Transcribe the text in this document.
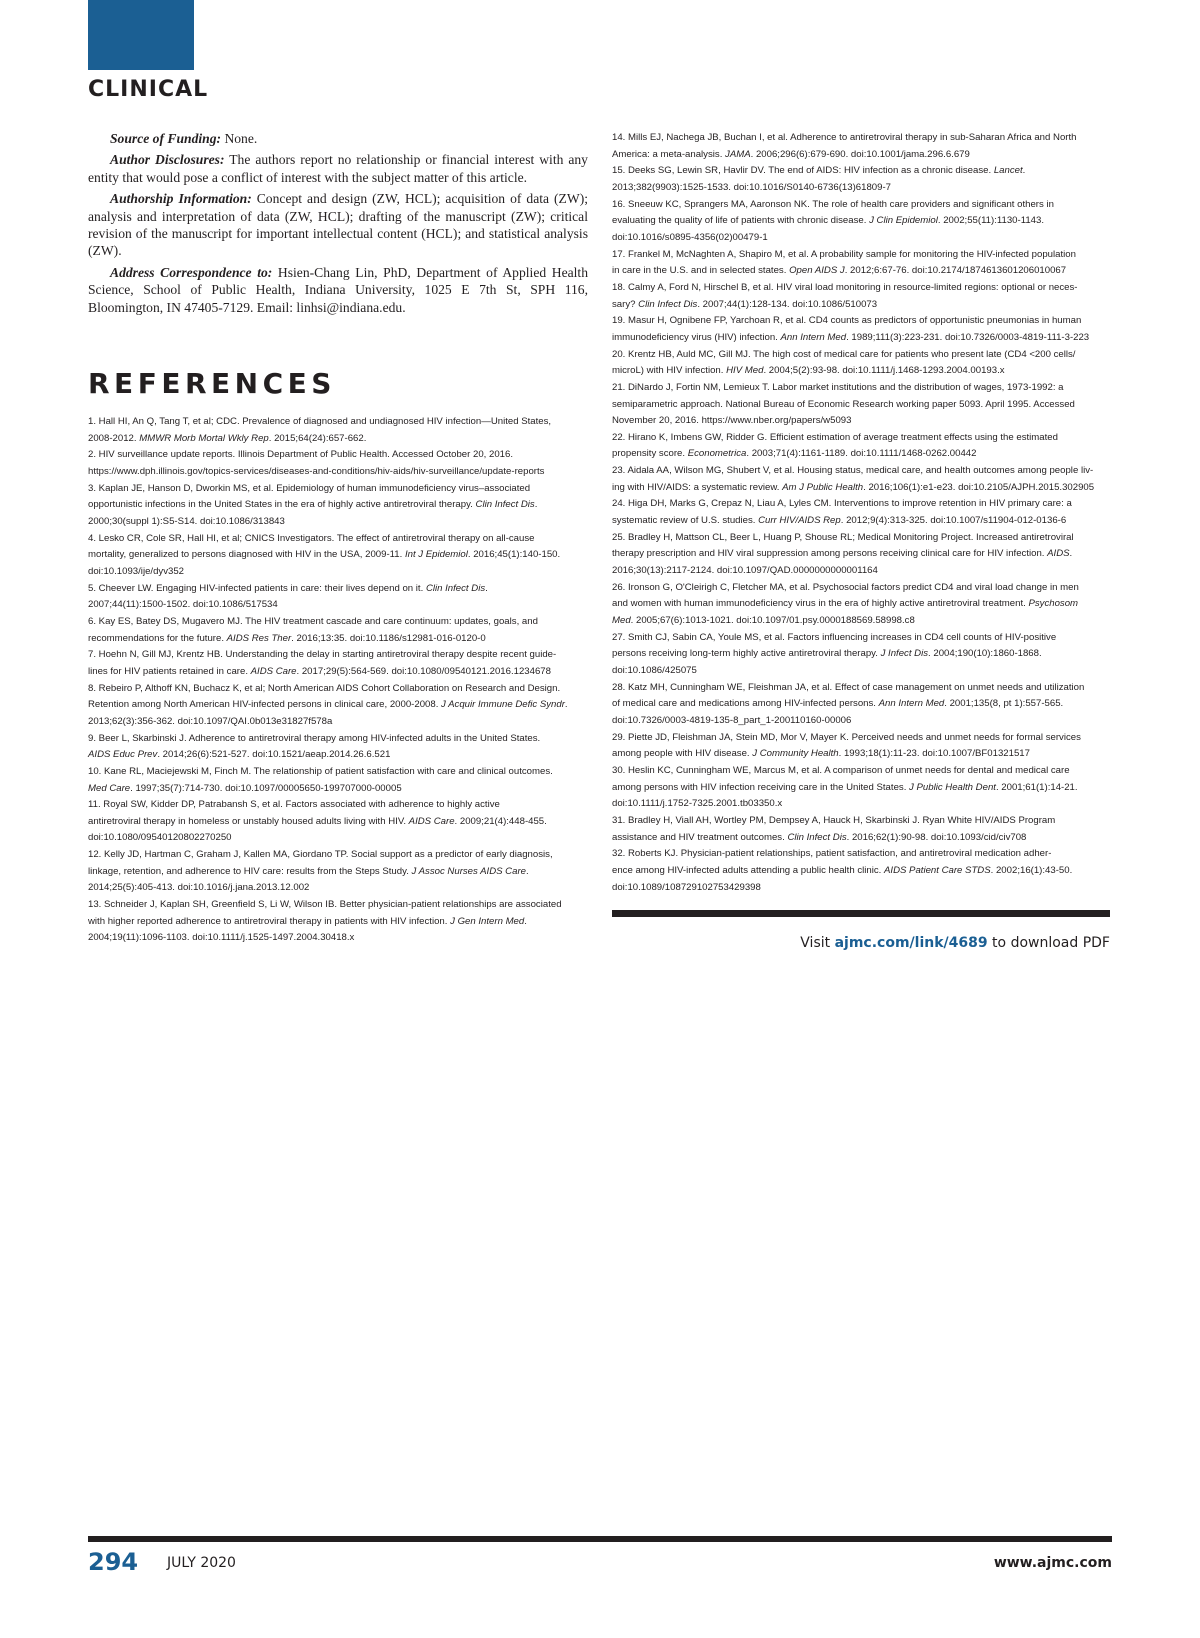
CLINICAL

Source of Funding: None.

Author Disclosures: The authors report no relationship or financial interest with any entity that would pose a conflict of interest with the subject matter of this article.

Authorship Information: Concept and design (ZW, HCL); acquisition of data (ZW); analysis and interpretation of data (ZW, HCL); drafting of the manuscript (ZW); critical revision of the manuscript for important intellectual content (HCL); and statistical analysis (ZW).

Address Correspondence to: Hsien-Chang Lin, PhD, Department of Applied Health Science, School of Public Health, Indiana University, 1025 E 7th St, SPH 116, Bloomington, IN 47405-7129. Email: linhsi@indiana.edu.

REFERENCES
1. Hall HI, An Q, Tang T, et al; CDC. Prevalence of diagnosed and undiagnosed HIV infection—United States,
2008-2012. MMWR Morb Mortal Wkly Rep. 2015;64(24):657-662.
2. HIV surveillance update reports. Illinois Department of Public Health. Accessed October 20, 2016.
https://www.dph.illinois.gov/topics-services/diseases-and-conditions/hiv-aids/hiv-surveillance/update-reports
3. Kaplan JE, Hanson D, Dworkin MS, et al. Epidemiology of human immunodeficiency virus–associated
opportunistic infections in the United States in the era of highly active antiretroviral therapy. Clin Infect Dis.
2000;30(suppl 1):S5-S14. doi:10.1086/313843
4. Lesko CR, Cole SR, Hall HI, et al; CNICS Investigators. The effect of antiretroviral therapy on all-cause
mortality, generalized to persons diagnosed with HIV in the USA, 2009-11. Int J Epidemiol. 2016;45(1):140-150.
doi:10.1093/ije/dyv352
5. Cheever LW. Engaging HIV-infected patients in care: their lives depend on it. Clin Infect Dis.
2007;44(11):1500-1502. doi:10.1086/517534
6. Kay ES, Batey DS, Mugavero MJ. The HIV treatment cascade and care continuum: updates, goals, and
recommendations for the future. AIDS Res Ther. 2016;13:35. doi:10.1186/s12981-016-0120-0
7. Hoehn N, Gill MJ, Krentz HB. Understanding the delay in starting antiretroviral therapy despite recent guide-
lines for HIV patients retained in care. AIDS Care. 2017;29(5):564-569. doi:10.1080/09540121.2016.1234678
8. Rebeiro P, Althoff KN, Buchacz K, et al; North American AIDS Cohort Collaboration on Research and Design.
Retention among North American HIV-infected persons in clinical care, 2000-2008. J Acquir Immune Defic Syndr.
2013;62(3):356-362. doi:10.1097/QAI.0b013e31827f578a
9. Beer L, Skarbinski J. Adherence to antiretroviral therapy among HIV-infected adults in the United States.
AIDS Educ Prev. 2014;26(6):521-527. doi:10.1521/aeap.2014.26.6.521
10. Kane RL, Maciejewski M, Finch M. The relationship of patient satisfaction with care and clinical outcomes.
Med Care. 1997;35(7):714-730. doi:10.1097/00005650-199707000-00005
11. Royal SW, Kidder DP, Patrabansh S, et al. Factors associated with adherence to highly active
antiretroviral therapy in homeless or unstably housed adults living with HIV. AIDS Care. 2009;21(4):448-455.
doi:10.1080/09540120802270250
12. Kelly JD, Hartman C, Graham J, Kallen MA, Giordano TP. Social support as a predictor of early diagnosis,
linkage, retention, and adherence to HIV care: results from the Steps Study. J Assoc Nurses AIDS Care.
2014;25(5):405-413. doi:10.1016/j.jana.2013.12.002
13. Schneider J, Kaplan SH, Greenfield S, Li W, Wilson IB. Better physician-patient relationships are associated
with higher reported adherence to antiretroviral therapy in patients with HIV infection. J Gen Intern Med.
2004;19(11):1096-1103. doi:10.1111/j.1525-1497.2004.30418.x
14. Mills EJ, Nachega JB, Buchan I, et al. Adherence to antiretroviral therapy in sub-Saharan Africa and North
America: a meta-analysis. JAMA. 2006;296(6):679-690. doi:10.1001/jama.296.6.679
15. Deeks SG, Lewin SR, Havlir DV. The end of AIDS: HIV infection as a chronic disease. Lancet.
2013;382(9903):1525-1533. doi:10.1016/S0140-6736(13)61809-7
16. Sneeuw KC, Sprangers MA, Aaronson NK. The role of health care providers and significant others in
evaluating the quality of life of patients with chronic disease. J Clin Epidemiol. 2002;55(11):1130-1143.
doi:10.1016/s0895-4356(02)00479-1
17. Frankel M, McNaghten A, Shapiro M, et al. A probability sample for monitoring the HIV-infected population
in care in the U.S. and in selected states. Open AIDS J. 2012;6:67-76. doi:10.2174/1874613601206010067
18. Calmy A, Ford N, Hirschel B, et al. HIV viral load monitoring in resource-limited regions: optional or neces-
sary? Clin Infect Dis. 2007;44(1):128-134. doi:10.1086/510073
19. Masur H, Ognibene FP, Yarchoan R, et al. CD4 counts as predictors of opportunistic pneumonias in human
immunodeficiency virus (HIV) infection. Ann Intern Med. 1989;111(3):223-231. doi:10.7326/0003-4819-111-3-223
20. Krentz HB, Auld MC, Gill MJ. The high cost of medical care for patients who present late (CD4 <200 cells/
microL) with HIV infection. HIV Med. 2004;5(2):93-98. doi:10.1111/j.1468-1293.2004.00193.x
21. DiNardo J, Fortin NM, Lemieux T. Labor market institutions and the distribution of wages, 1973-1992: a
semiparametric approach. National Bureau of Economic Research working paper 5093. April 1995. Accessed
November 20, 2016. https://www.nber.org/papers/w5093
22. Hirano K, Imbens GW, Ridder G. Efficient estimation of average treatment effects using the estimated
propensity score. Econometrica. 2003;71(4):1161-1189. doi:10.1111/1468-0262.00442
23. Aidala AA, Wilson MG, Shubert V, et al. Housing status, medical care, and health outcomes among people liv-
ing with HIV/AIDS: a systematic review. Am J Public Health. 2016;106(1):e1-e23. doi:10.2105/AJPH.2015.302905
24. Higa DH, Marks G, Crepaz N, Liau A, Lyles CM. Interventions to improve retention in HIV primary care: a
systematic review of U.S. studies. Curr HIV/AIDS Rep. 2012;9(4):313-325. doi:10.1007/s11904-012-0136-6
25. Bradley H, Mattson CL, Beer L, Huang P, Shouse RL; Medical Monitoring Project. Increased antiretroviral
therapy prescription and HIV viral suppression among persons receiving clinical care for HIV infection. AIDS.
2016;30(13):2117-2124. doi:10.1097/QAD.0000000000001164
26. Ironson G, O'Cleirigh C, Fletcher MA, et al. Psychosocial factors predict CD4 and viral load change in men
and women with human immunodeficiency virus in the era of highly active antiretroviral treatment. Psychosom
Med. 2005;67(6):1013-1021. doi:10.1097/01.psy.0000188569.58998.c8
27. Smith CJ, Sabin CA, Youle MS, et al. Factors influencing increases in CD4 cell counts of HIV-positive
persons receiving long-term highly active antiretroviral therapy. J Infect Dis. 2004;190(10):1860-1868.
doi:10.1086/425075
28. Katz MH, Cunningham WE, Fleishman JA, et al. Effect of case management on unmet needs and utilization
of medical care and medications among HIV-infected persons. Ann Intern Med. 2001;135(8, pt 1):557-565.
doi:10.7326/0003-4819-135-8_part_1-200110160-00006
29. Piette JD, Fleishman JA, Stein MD, Mor V, Mayer K. Perceived needs and unmet needs for formal services
among people with HIV disease. J Community Health. 1993;18(1):11-23. doi:10.1007/BF01321517
30. Heslin KC, Cunningham WE, Marcus M, et al. A comparison of unmet needs for dental and medical care
among persons with HIV infection receiving care in the United States. J Public Health Dent. 2001;61(1):14-21.
doi:10.1111/j.1752-7325.2001.tb03350.x
31. Bradley H, Viall AH, Wortley PM, Dempsey A, Hauck H, Skarbinski J. Ryan White HIV/AIDS Program
assistance and HIV treatment outcomes. Clin Infect Dis. 2016;62(1):90-98. doi:10.1093/cid/civ708
32. Roberts KJ. Physician-patient relationships, patient satisfaction, and antiretroviral medication adher-
ence among HIV-infected adults attending a public health clinic. AIDS Patient Care STDS. 2002;16(1):43-50.
doi:10.1089/108729102753429398
Visit ajmc.com/link/4689 to download PDF
294 JULY 2020	www.ajmc.com
